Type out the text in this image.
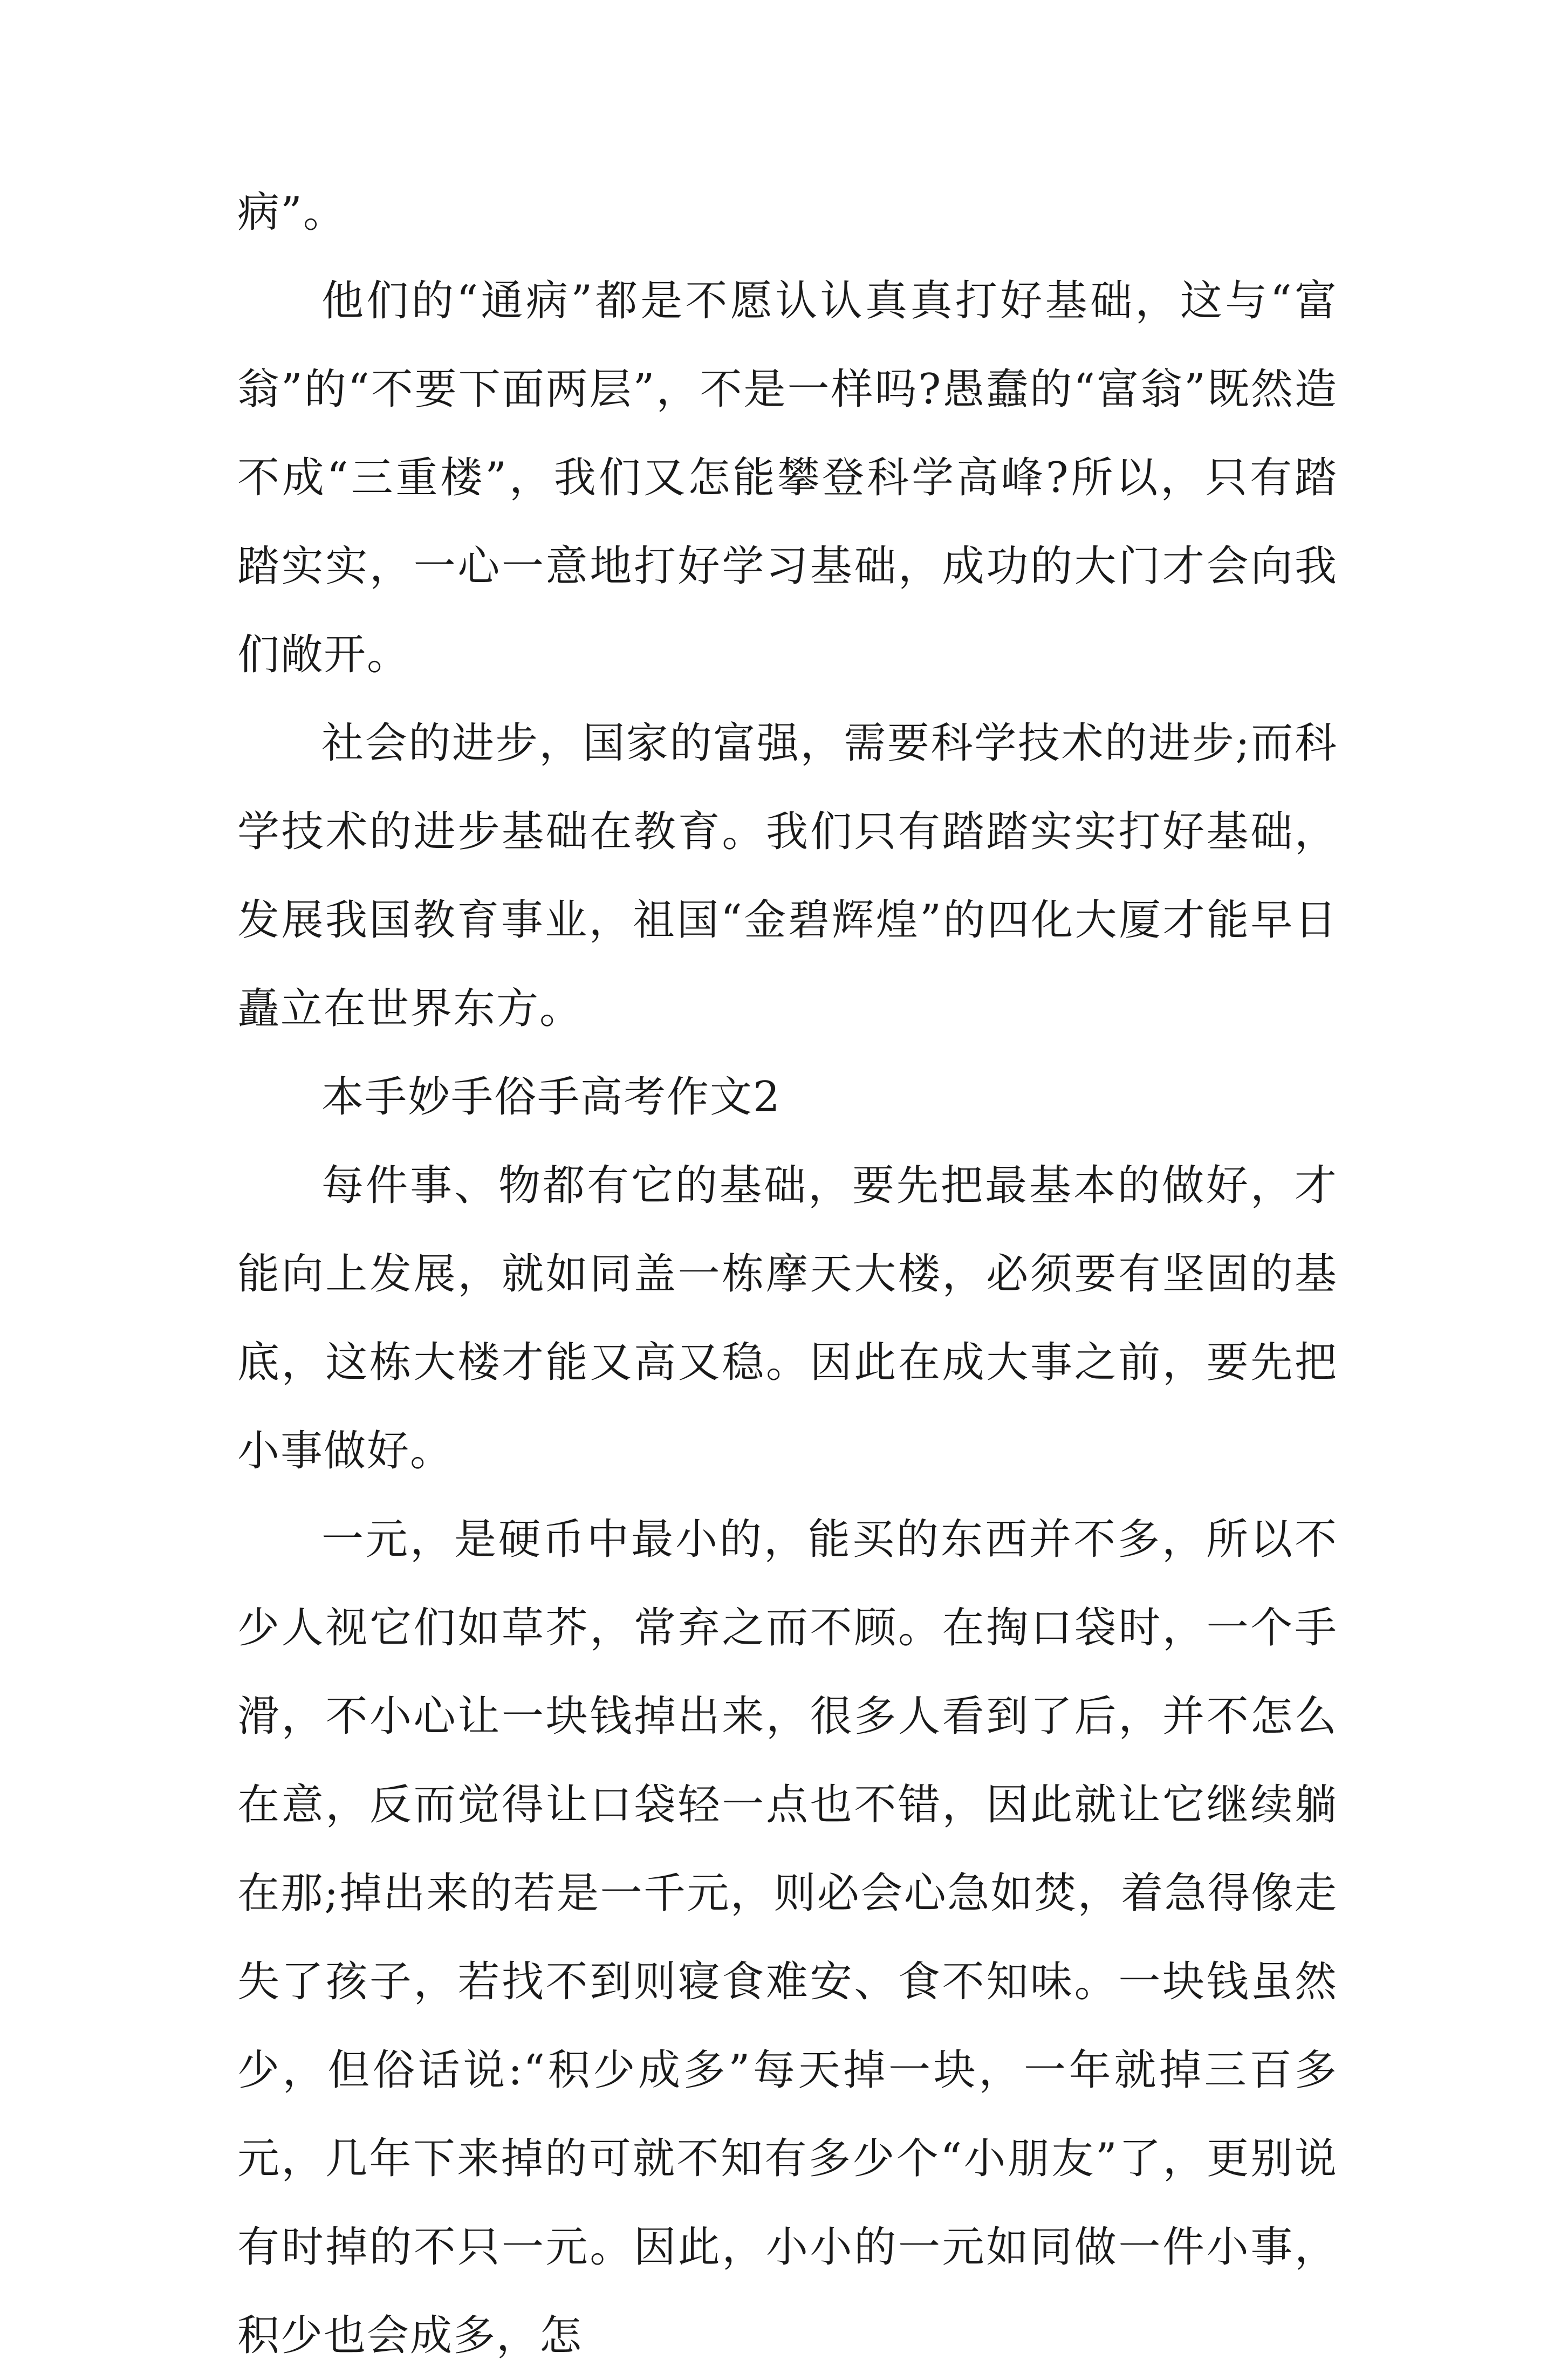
病”。

他们的“通病”都是不愿认认真真打好基础，这与“富翁”的“不要下面两层”，不是一样吗?愚蠢的“富翁”既然造不成“三重楼”，我们又怎能攀登科学高峰?所以，只有踏踏实实，一心一意地打好学习基础，成功的大门才会向我们敞开。

社会的进步，国家的富强，需要科学技术的进步;而科学技术的进步基础在教育。我们只有踏踏实实打好基础，发展我国教育事业，祖国“金碧辉煌”的四化大厦才能早日矗立在世界东方。

本手妙手俗手高考作文2

每件事、物都有它的基础，要先把最基本的做好，才能向上发展，就如同盖一栋摩天大楼，必须要有坚固的基底，这栋大楼才能又高又稳。因此在成大事之前，要先把小事做好。

一元，是硬币中最小的，能买的东西并不多，所以不少人视它们如草芥，常弃之而不顾。在掏口袋时，一个手滑，不小心让一块钱掉出来，很多人看到了后，并不怎么在意，反而觉得让口袋轻一点也不错，因此就让它继续躺在那;掉出来的若是一千元，则必会心急如焚，着急得像走失了孩子，若找不到则寝食难安、食不知味。一块钱虽然少，但俗话说:“积少成多”每天掉一块，一年就掉三百多元，几年下来掉的可就不知有多少个“小朋友”了，更别说有时掉的不只一元。因此，小小的一元如同做一件小事，积少也会成多，怎
